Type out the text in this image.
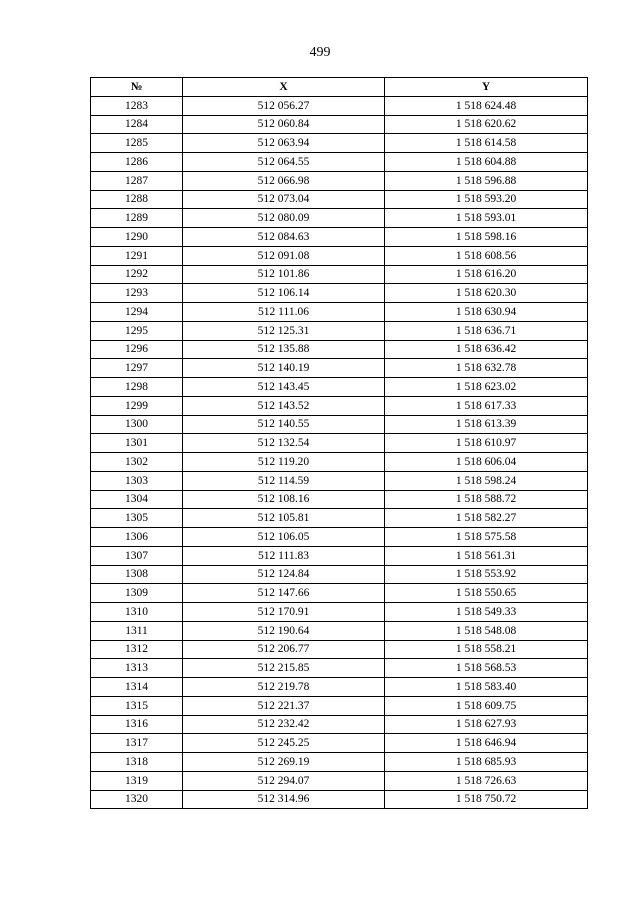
499
№	X	Y
1283	512 056.27	1 518 624.48
1284	512 060.84	1 518 620.62
1285	512 063.94	1 518 614.58
1286	512 064.55	1 518 604.88
1287	512 066.98	1 518 596.88
1288	512 073.04	1 518 593.20
1289	512 080.09	1 518 593.01
1290	512 084.63	1 518 598.16
1291	512 091.08	1 518 608.56
1292	512 101.86	1 518 616.20
1293	512 106.14	1 518 620.30
1294	512 111.06	1 518 630.94
1295	512 125.31	1 518 636.71
1296	512 135.88	1 518 636.42
1297	512 140.19	1 518 632.78
1298	512 143.45	1 518 623.02
1299	512 143.52	1 518 617.33
1300	512 140.55	1 518 613.39
1301	512 132.54	1 518 610.97
1302	512 119.20	1 518 606.04
1303	512 114.59	1 518 598.24
1304	512 108.16	1 518 588.72
1305	512 105.81	1 518 582.27
1306	512 106.05	1 518 575.58
1307	512 111.83	1 518 561.31
1308	512 124.84	1 518 553.92
1309	512 147.66	1 518 550.65
1310	512 170.91	1 518 549.33
1311	512 190.64	1 518 548.08
1312	512 206.77	1 518 558.21
1313	512 215.85	1 518 568.53
1314	512 219.78	1 518 583.40
1315	512 221.37	1 518 609.75
1316	512 232.42	1 518 627.93
1317	512 245.25	1 518 646.94
1318	512 269.19	1 518 685.93
1319	512 294.07	1 518 726.63
1320	512 314.96	1 518 750.72
